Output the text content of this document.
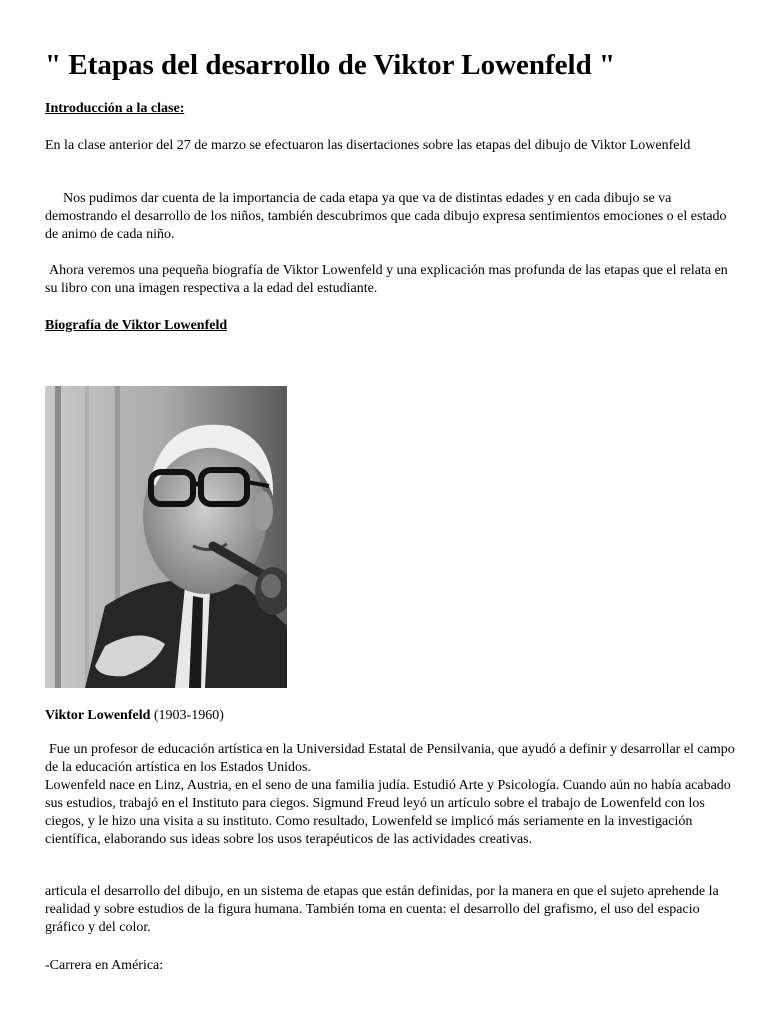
" Etapas del desarrollo de Viktor Lowenfeld "
Introducción a la clase:

En la clase anterior del 27 de marzo se efectuaron las disertaciones sobre las etapas del dibujo de Viktor Lowenfeld

Nos pudimos dar cuenta de la importancia de cada etapa ya que va de distintas edades y en cada dibujo se va demostrando el desarrollo de los niños, también descubrimos que cada dibujo expresa sentimientos emociones o el estado de animo de cada niño.

Ahora veremos una pequeña biografía de Viktor Lowenfeld y una explicación mas profunda de las etapas que el relata en su libro con una imagen respectiva a la edad del estudiante.

Biografía de Viktor Lowenfeld

Viktor Lowenfeld (1903-1960)

Fue un profesor de educación artística en la Universidad Estatal de Pensilvania, que ayudó a definir y desarrollar el campo de la educación artística en los Estados Unidos.

Lowenfeld nace en Linz, Austria, en el seno de una familia judía. Estudió Arte y Psicología. Cuando aún no había acabado sus estudios, trabajó en el Instituto para ciegos. Sigmund Freud leyó un artículo sobre el trabajo de Lowenfeld con los ciegos, y le hizo una visita a su instituto. Como resultado, Lowenfeld se implicó más seriamente en la investigación científica, elaborando sus ideas sobre los usos terapéuticos de las actividades creativas.

articula el desarrollo del dibujo, en un sistema de etapas que están definidas, por la manera en que el sujeto aprehende la realidad y sobre estudios de la figura humana. También toma en cuenta: el desarrollo del grafismo, el uso del espacio gráfico y del color.

-Carrera en América:
